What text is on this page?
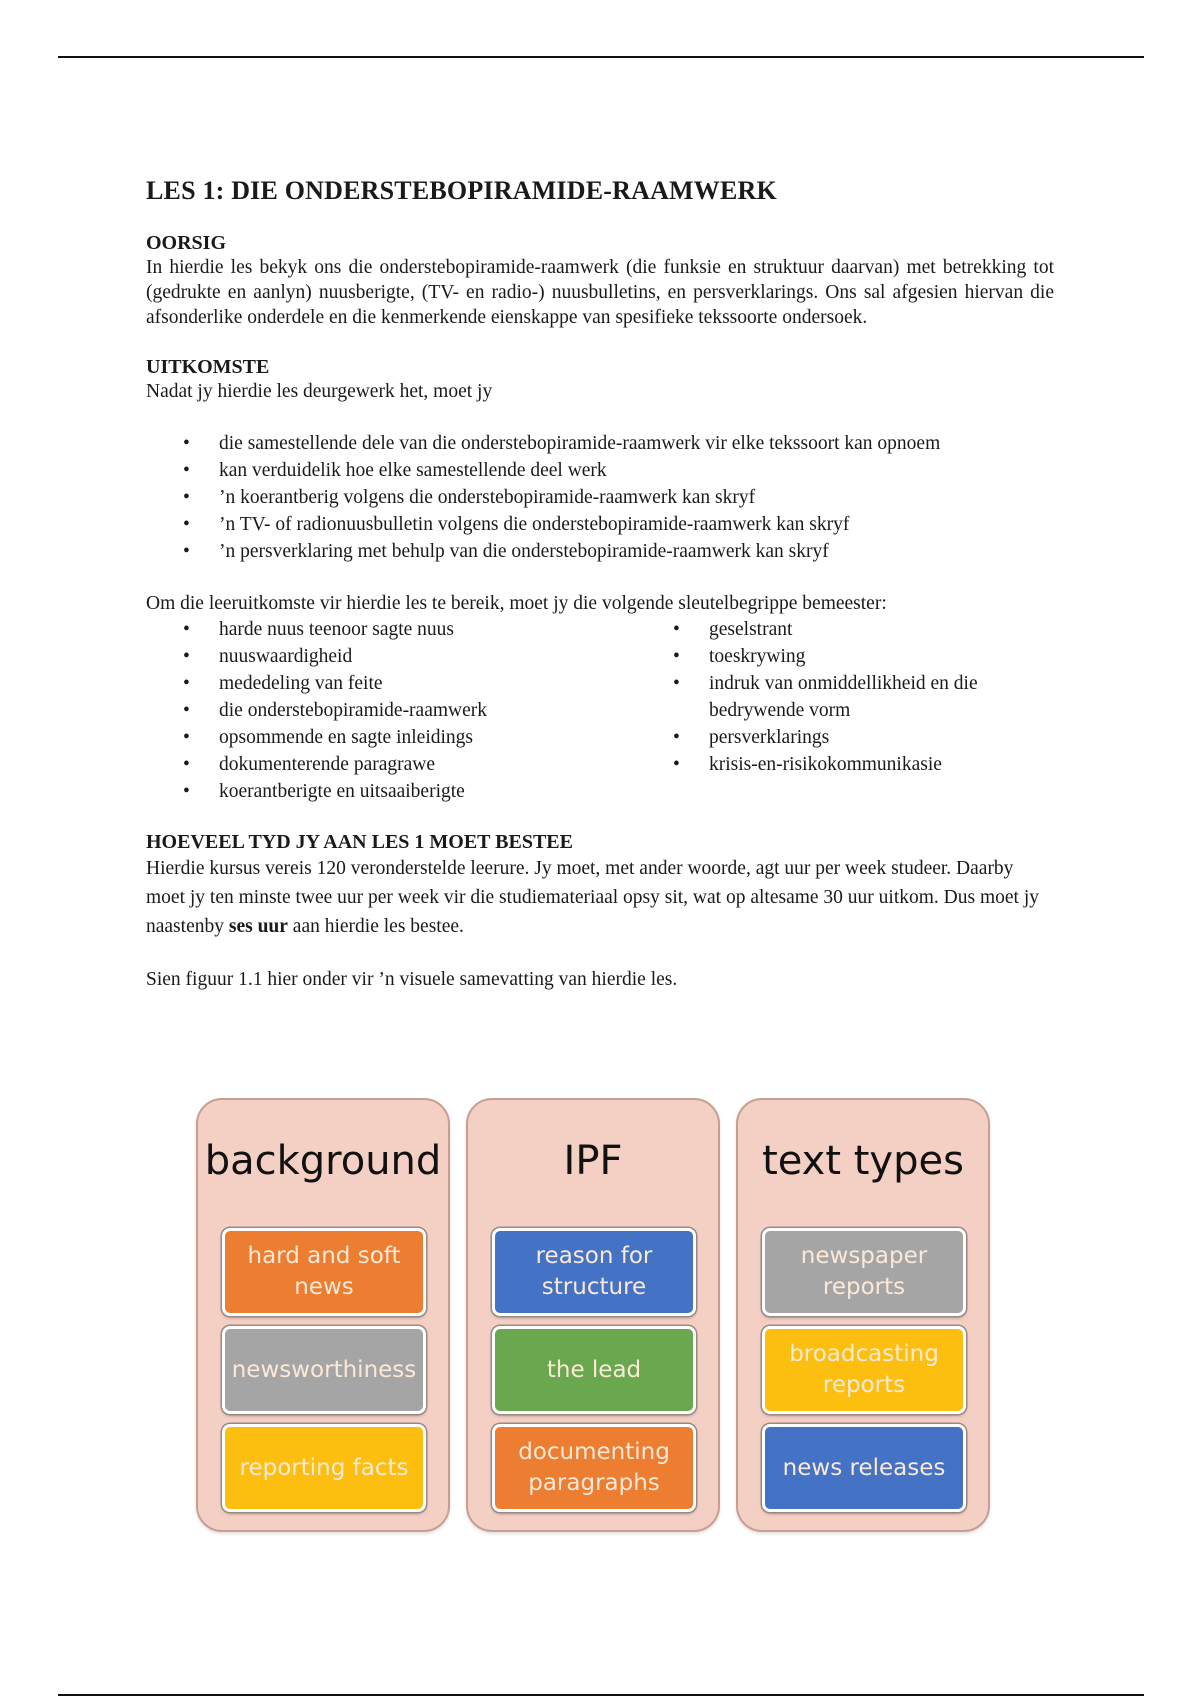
LES 1: DIE ONDERSTEBOPIRAMIDE-RAAMWERK
OORSIG

In hierdie les bekyk ons die onderstebopiramide-raamwerk (die funksie en struktuur daarvan) met betrekking tot (gedrukte en aanlyn) nuusberigte, (TV- en radio-) nuusbulletins, en persverklarings. Ons sal afgesien hiervan die afsonderlike onderdele en die kenmerkende eienskappe van spesifieke tekssoorte ondersoek.

UITKOMSTE

Nadat jy hierdie les deurgewerk het, moet jy

• die samestellende dele van die onderstebopiramide-raamwerk vir elke tekssoort kan opnoem
• kan verduidelik hoe elke samestellende deel werk
• ’n koerantberig volgens die onderstebopiramide-raamwerk kan skryf
• ’n TV- of radionuusbulletin volgens die onderstebopiramide-raamwerk kan skryf
• ’n persverklaring met behulp van die onderstebopiramide-raamwerk kan skryf

Om die leeruitkomste vir hierdie les te bereik, moet jy die volgende sleutelbegrippe bemeester:

• harde nuus teenoor sagte nuus
• nuuswaardigheid
• mededeling van feite
• die onderstebopiramide-raamwerk
• opsommende en sagte inleidings
• dokumenterende paragrawe
• koerantberigte en uitsaaiberigte
• geselstrant
• toeskrywing
• indruk van onmiddellikheid en die bedrywende vorm
• persverklarings
• krisis-en-risikokommunikasie
HOEVEEL TYD JY AAN LES 1 MOET BESTEE

Hierdie kursus vereis 120 veronderstelde leerure. Jy moet, met ander woorde, agt uur per week studeer. Daarby moet jy ten minste twee uur per week vir die studiemateriaal opsy sit, wat op altesame 30 uur uitkom. Dus moet jy naastenby ses uur aan hierdie les bestee.

Sien figuur 1.1 hier onder vir ’n visuele samevatting van hierdie les.

background
hard and soft news
newsworthiness
reporting facts
IPF
reason for structure
the lead
documenting paragraphs
text types
newspaper reports
broadcasting reports
news releases
